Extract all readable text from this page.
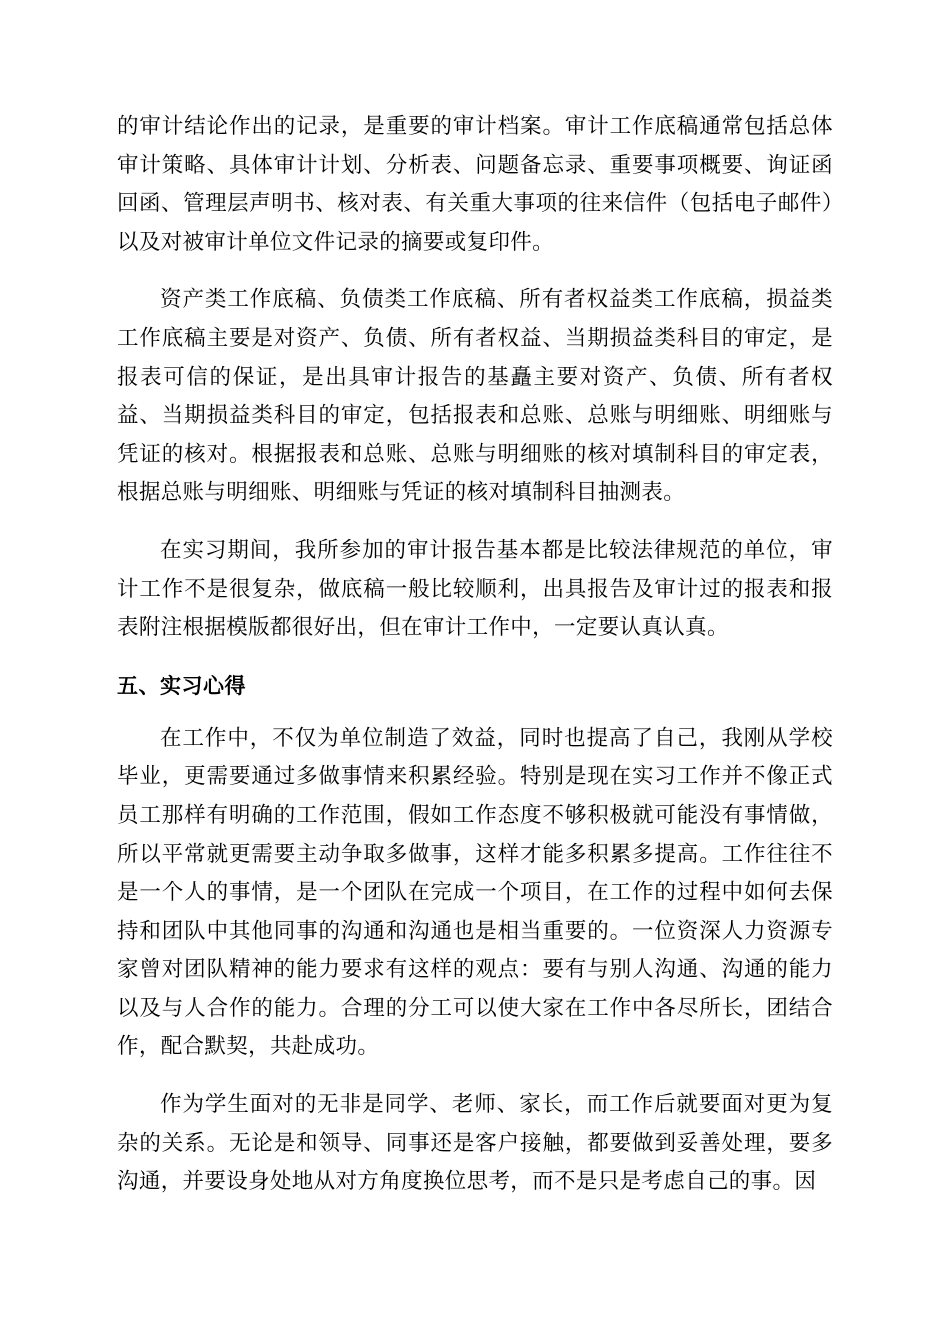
的审计结论作出的记录，是重要的审计档案。审计工作底稿通常包括总体审计策略、具体审计计划、分析表、问题备忘录、重要事项概要、询证函回函、管理层声明书、核对表、有关重大事项的往来信件（包括电子邮件）以及对被审计单位文件记录的摘要或复印件。

资产类工作底稿、负债类工作底稿、所有者权益类工作底稿，损益类工作底稿主要是对资产、负债、所有者权益、当期损益类科目的审定，是报表可信的保证，是出具审计报告的基矗主要对资产、负债、所有者权益、当期损益类科目的审定，包括报表和总账、总账与明细账、明细账与凭证的核对。根据报表和总账、总账与明细账的核对填制科目的审定表，根据总账与明细账、明细账与凭证的核对填制科目抽测表。

在实习期间，我所参加的审计报告基本都是比较法律规范的单位，审计工作不是很复杂，做底稿一般比较顺利，出具报告及审计过的报表和报表附注根据模版都很好出，但在审计工作中，一定要认真认真。

五、实习心得

在工作中，不仅为单位制造了效益，同时也提高了自己，我刚从学校毕业，更需要通过多做事情来积累经验。特别是现在实习工作并不像正式员工那样有明确的工作范围，假如工作态度不够积极就可能没有事情做，所以平常就更需要主动争取多做事，这样才能多积累多提高。工作往往不是一个人的事情，是一个团队在完成一个项目，在工作的过程中如何去保持和团队中其他同事的沟通和沟通也是相当重要的。一位资深人力资源专家曾对团队精神的能力要求有这样的观点：要有与别人沟通、沟通的能力以及与人合作的能力。合理的分工可以使大家在工作中各尽所长，团结合作，配合默契，共赴成功。

作为学生面对的无非是同学、老师、家长，而工作后就要面对更为复杂的关系。无论是和领导、同事还是客户接触，都要做到妥善处理，要多沟通，并要设身处地从对方角度换位思考，而不是只是考虑自己的事。因
